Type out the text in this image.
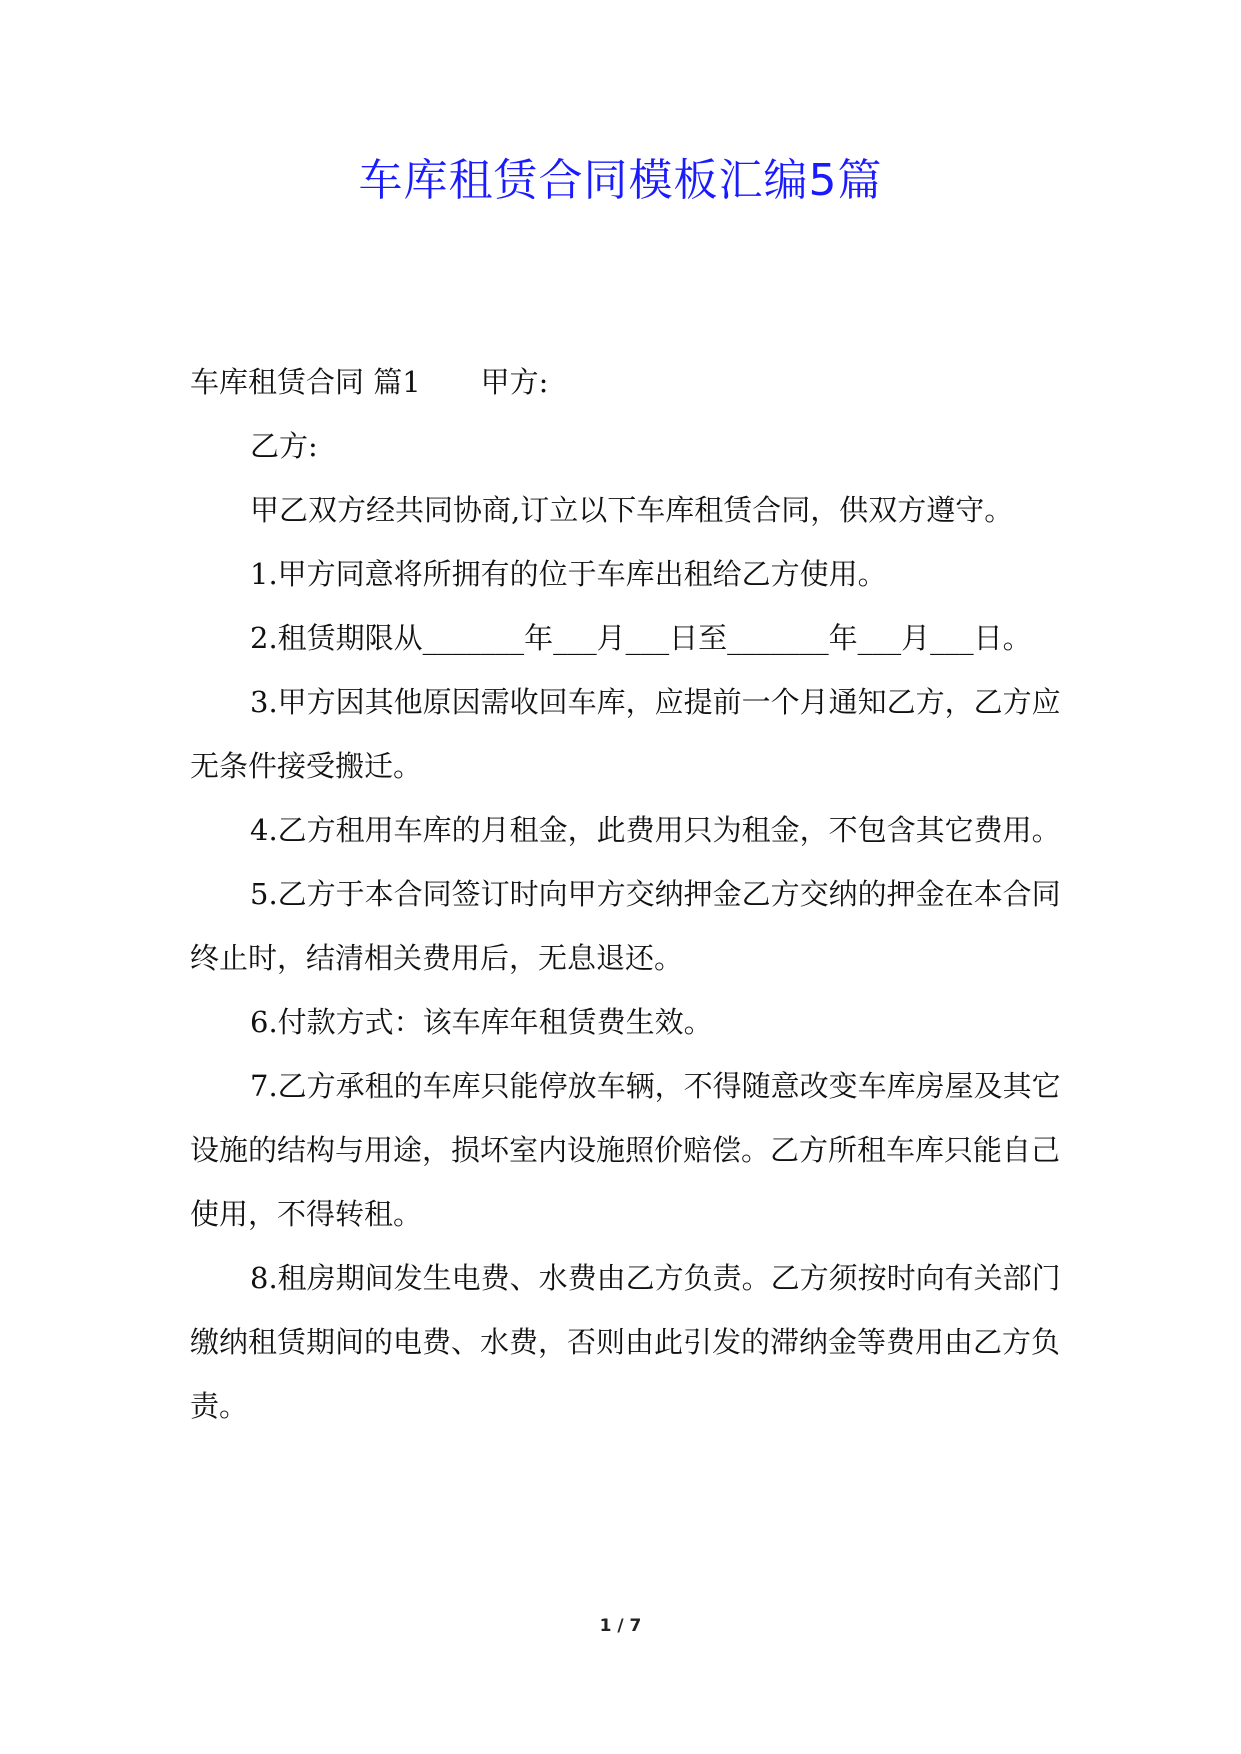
车库租赁合同模板汇编5篇

车库租赁合同 篇1 甲方:

乙方:

甲乙双方经共同协商,订立以下车库租赁合同，供双方遵守。

1.甲方同意将所拥有的位于车库出租给乙方使用。

2.租赁期限从_______年___月___日至_______年___月___日。

3.甲方因其他原因需收回车库，应提前一个月通知乙方，乙方应无条件接受搬迁。

4.乙方租用车库的月租金，此费用只为租金，不包含其它费用。

5.乙方于本合同签订时向甲方交纳押金乙方交纳的押金在本合同终止时，结清相关费用后，无息退还。

6.付款方式：该车库年租赁费生效。

7.乙方承租的车库只能停放车辆，不得随意改变车库房屋及其它设施的结构与用途，损坏室内设施照价赔偿。乙方所租车库只能自己使用，不得转租。

8.租房期间发生电费、水费由乙方负责。乙方须按时向有关部门缴纳租赁期间的电费、水费，否则由此引发的滞纳金等费用由乙方负责。

1 / 7
